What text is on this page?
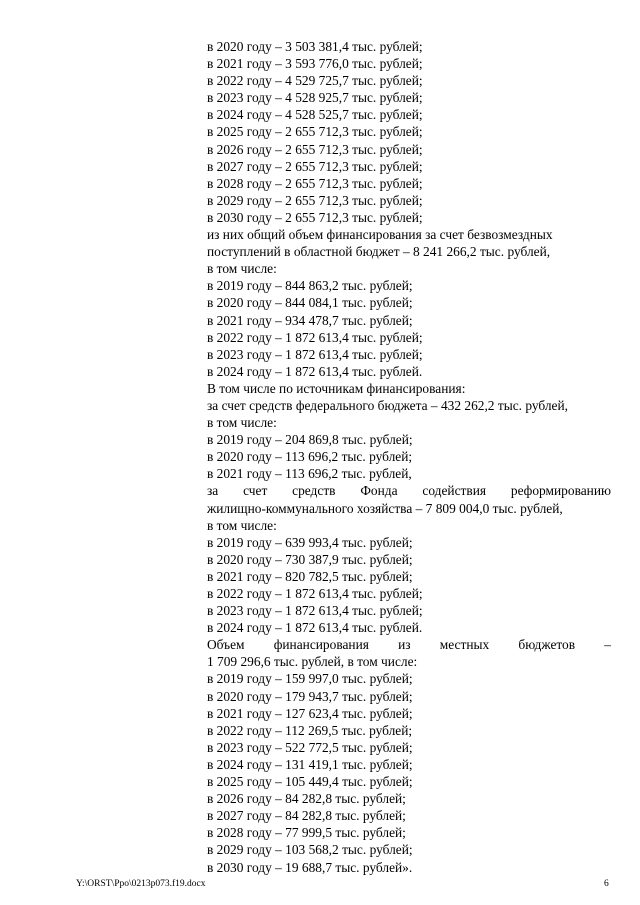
в 2020 году – 3 503 381,4 тыс. рублей;
в 2021 году – 3 593 776,0 тыс. рублей;
в 2022 году – 4 529 725,7 тыс. рублей;
в 2023 году – 4 528 925,7 тыс. рублей;
в 2024 году – 4 528 525,7 тыс. рублей;
в 2025 году – 2 655 712,3 тыс. рублей;
в 2026 году – 2 655 712,3 тыс. рублей;
в 2027 году – 2 655 712,3 тыс. рублей;
в 2028 году – 2 655 712,3 тыс. рублей;
в 2029 году – 2 655 712,3 тыс. рублей;
в 2030 году – 2 655 712,3 тыс. рублей;
из них общий объем финансирования за счет безвозмездных
поступлений в областной бюджет – 8 241 266,2 тыс. рублей,
в том числе:
в 2019 году – 844 863,2 тыс. рублей;
в 2020 году – 844 084,1 тыс. рублей;
в 2021 году – 934 478,7 тыс. рублей;
в 2022 году – 1 872 613,4 тыс. рублей;
в 2023 году – 1 872 613,4 тыс. рублей;
в 2024 году – 1 872 613,4 тыс. рублей.
В том числе по источникам финансирования:
за счет средств федерального бюджета – 432 262,2 тыс. рублей,
в том числе:
в 2019 году – 204 869,8 тыс. рублей;
в 2020 году – 113 696,2 тыс. рублей;
в 2021 году – 113 696,2 тыс. рублей,
за счет средств Фонда содействия реформированию
жилищно-коммунального хозяйства – 7 809 004,0 тыс. рублей,
в том числе:
в 2019 году – 639 993,4 тыс. рублей;
в 2020 году – 730 387,9 тыс. рублей;
в 2021 году – 820 782,5 тыс. рублей;
в 2022 году – 1 872 613,4 тыс. рублей;
в 2023 году – 1 872 613,4 тыс. рублей;
в 2024 году – 1 872 613,4 тыс. рублей.
Объем финансирования из местных бюджетов –
1 709 296,6 тыс. рублей, в том числе:
в 2019 году – 159 997,0 тыс. рублей;
в 2020 году – 179 943,7 тыс. рублей;
в 2021 году – 127 623,4 тыс. рублей;
в 2022 году – 112 269,5 тыс. рублей;
в 2023 году – 522 772,5 тыс. рублей;
в 2024 году – 131 419,1 тыс. рублей;
в 2025 году – 105 449,4 тыс. рублей;
в 2026 году – 84 282,8 тыс. рублей;
в 2027 году – 84 282,8 тыс. рублей;
в 2028 году – 77 999,5 тыс. рублей;
в 2029 году – 103 568,2 тыс. рублей;
в 2030 году – 19 688,7 тыс. рублей».
Y:\ORST\Ppo\0213p073.f19.docx	6
